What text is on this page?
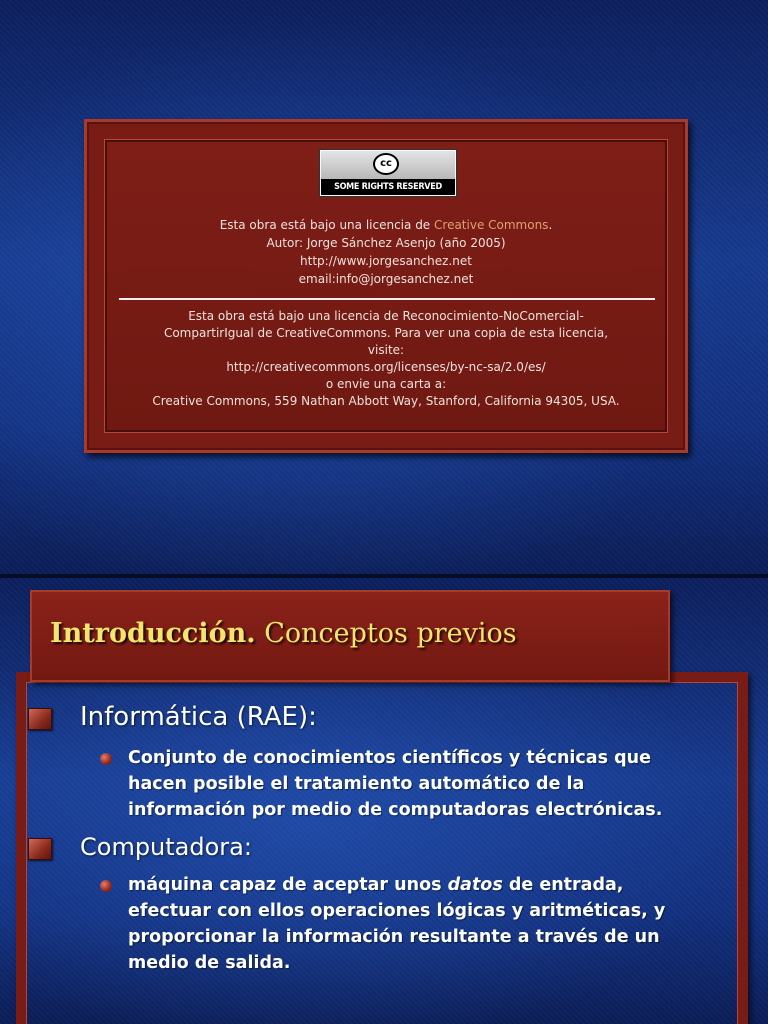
cc
SOME RIGHTS RESERVED
Esta obra está bajo una licencia de Creative Commons.
Autor: Jorge Sánchez Asenjo (año 2005)
http://www.jorgesanchez.net
email:info@jorgesanchez.net
Esta obra está bajo una licencia de Reconocimiento-NoComercial-
CompartirIgual de CreativeCommons. Para ver una copia de esta licencia,
visite:
http://creativecommons.org/licenses/by-nc-sa/2.0/es/
o envie una carta a:
Creative Commons, 559 Nathan Abbott Way, Stanford, California 94305, USA.
Introducción. Conceptos previos
Informática (RAE):
Conjunto de conocimientos científicos y técnicas que
hacen posible el tratamiento automático de la
información por medio de computadoras electrónicas.
Computadora:
máquina capaz de aceptar unos datos de entrada,
efectuar con ellos operaciones lógicas y aritméticas, y
proporcionar la información resultante a través de un
medio de salida.
